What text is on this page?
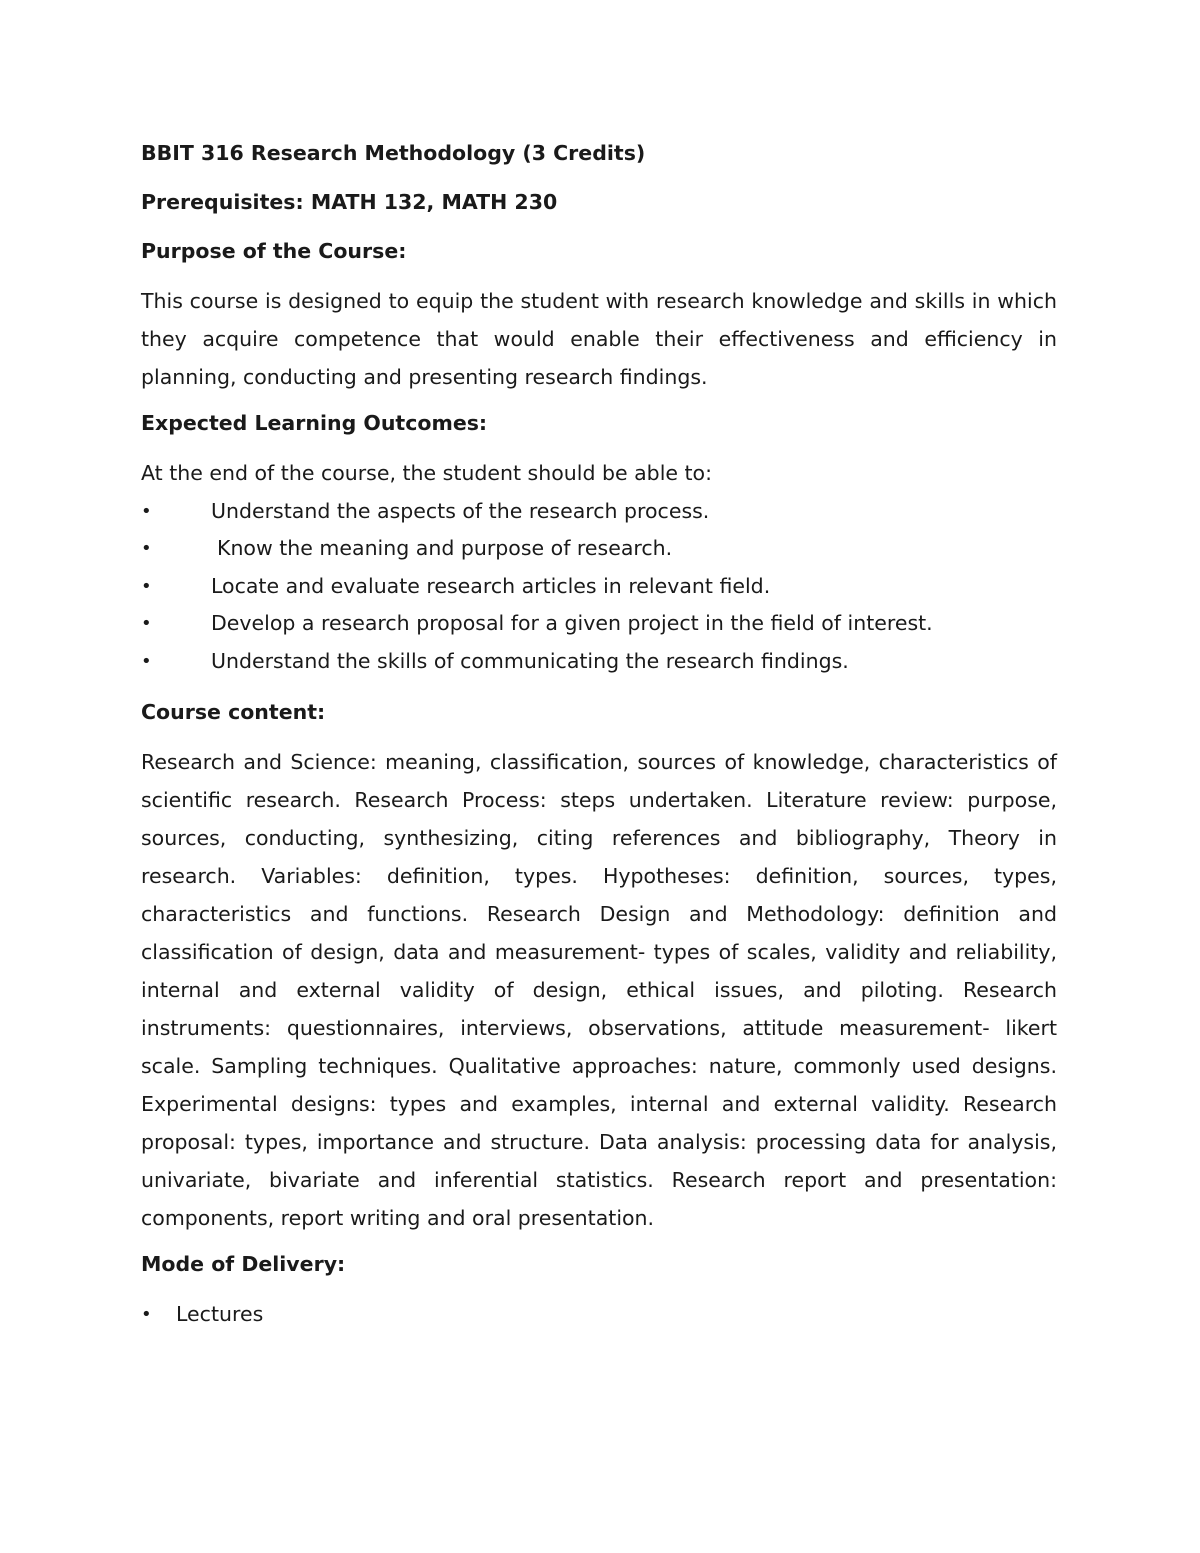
BBIT 316 Research Methodology (3 Credits)

Prerequisites: MATH 132, MATH 230

Purpose of the Course:

This course is designed to equip the student with research knowledge and skills in which they acquire competence that would enable their effectiveness and efficiency in planning, conducting and presenting research findings.

Expected Learning Outcomes:

At the end of the course, the student should be able to:

•	Understand the aspects of the research process.
•	Know the meaning and purpose of research.
•	Locate and evaluate research articles in relevant field.
•	Develop a research proposal for a given project in the field of interest.
•	Understand the skills of communicating the research findings.

Course content:

Research and Science: meaning, classification, sources of knowledge, characteristics of scientific research. Research Process: steps undertaken. Literature review: purpose, sources, conducting, synthesizing, citing references and bibliography, Theory in research. Variables: definition, types. Hypotheses: definition, sources, types, characteristics and functions. Research Design and Methodology: definition and classification of design, data and measurement- types of scales, validity and reliability, internal and external validity of design, ethical issues, and piloting. Research instruments: questionnaires, interviews, observations, attitude measurement- likert scale. Sampling techniques. Qualitative approaches: nature, commonly used designs. Experimental designs: types and examples, internal and external validity. Research proposal: types, importance and structure. Data analysis: processing data for analysis, univariate, bivariate and inferential statistics. Research report and presentation: components, report writing and oral presentation.

Mode of Delivery:

•	Lectures
